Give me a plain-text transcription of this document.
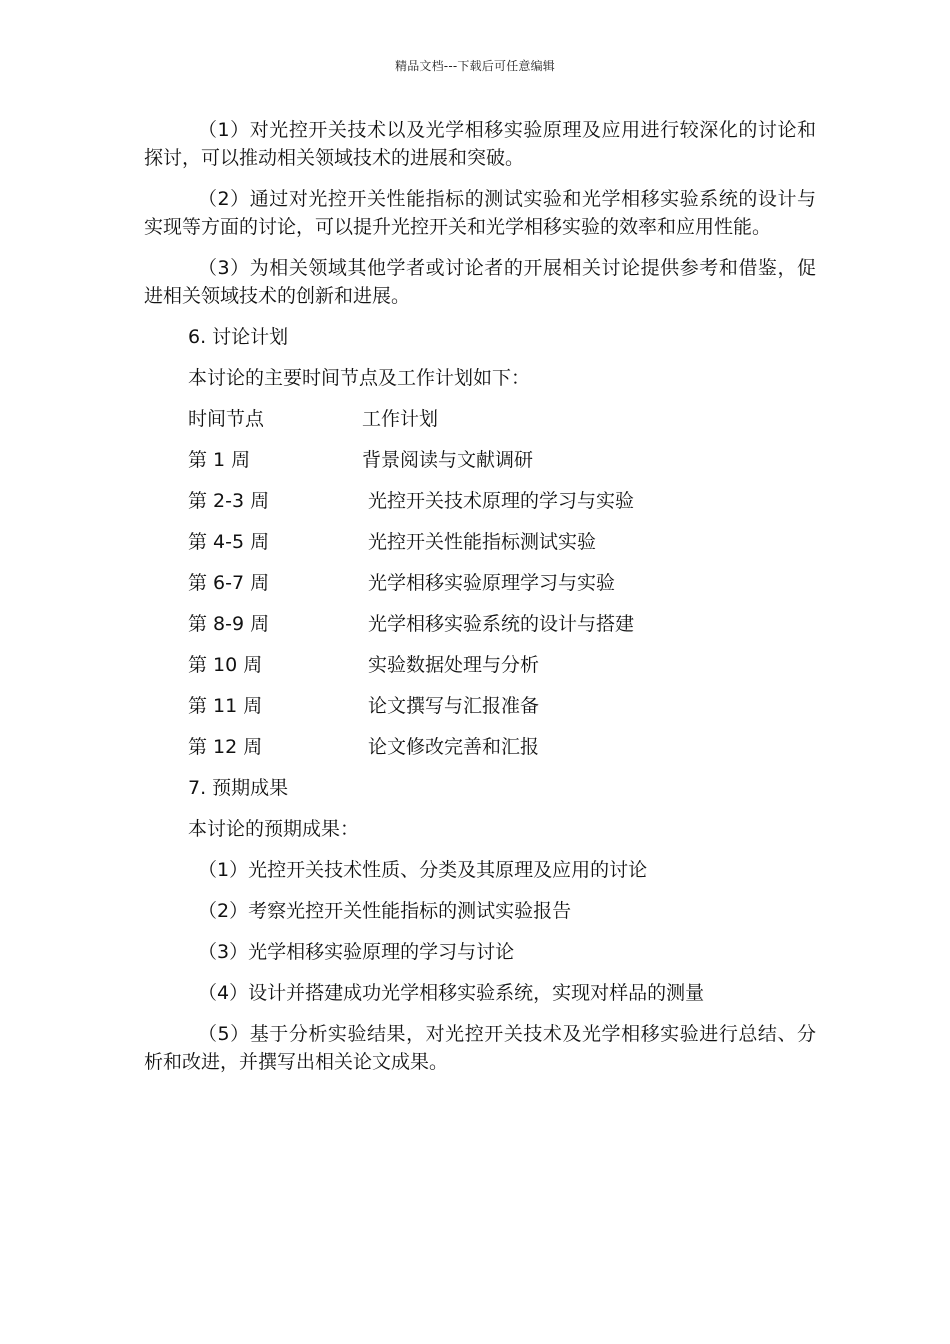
精品文档---下载后可任意编辑

（1）对光控开关技术以及光学相移实验原理及应用进行较深化的讨论和探讨，可以推动相关领域技术的进展和突破。

（2）通过对光控开关性能指标的测试实验和光学相移实验系统的设计与实现等方面的讨论，可以提升光控开关和光学相移实验的效率和应用性能。

（3）为相关领域其他学者或讨论者的开展相关讨论提供参考和借鉴，促进相关领域技术的创新和进展。

6. 讨论计划
本讨论的主要时间节点及工作计划如下：
时间节点	工作计划
第 1 周	背景阅读与文献调研
第 2-3 周	光控开关技术原理的学习与实验
第 4-5 周	光控开关性能指标测试实验
第 6-7 周	光学相移实验原理学习与实验
第 8-9 周	光学相移实验系统的设计与搭建
第 10 周	实验数据处理与分析
第 11 周	论文撰写与汇报准备
第 12 周	论文修改完善和汇报
7. 预期成果
本讨论的预期成果：
（1）光控开关技术性质、分类及其原理及应用的讨论
（2）考察光控开关性能指标的测试实验报告
（3）光学相移实验原理的学习与讨论
（4）设计并搭建成功光学相移实验系统，实现对样品的测量

（5）基于分析实验结果，对光控开关技术及光学相移实验进行总结、分析和改进，并撰写出相关论文成果。
